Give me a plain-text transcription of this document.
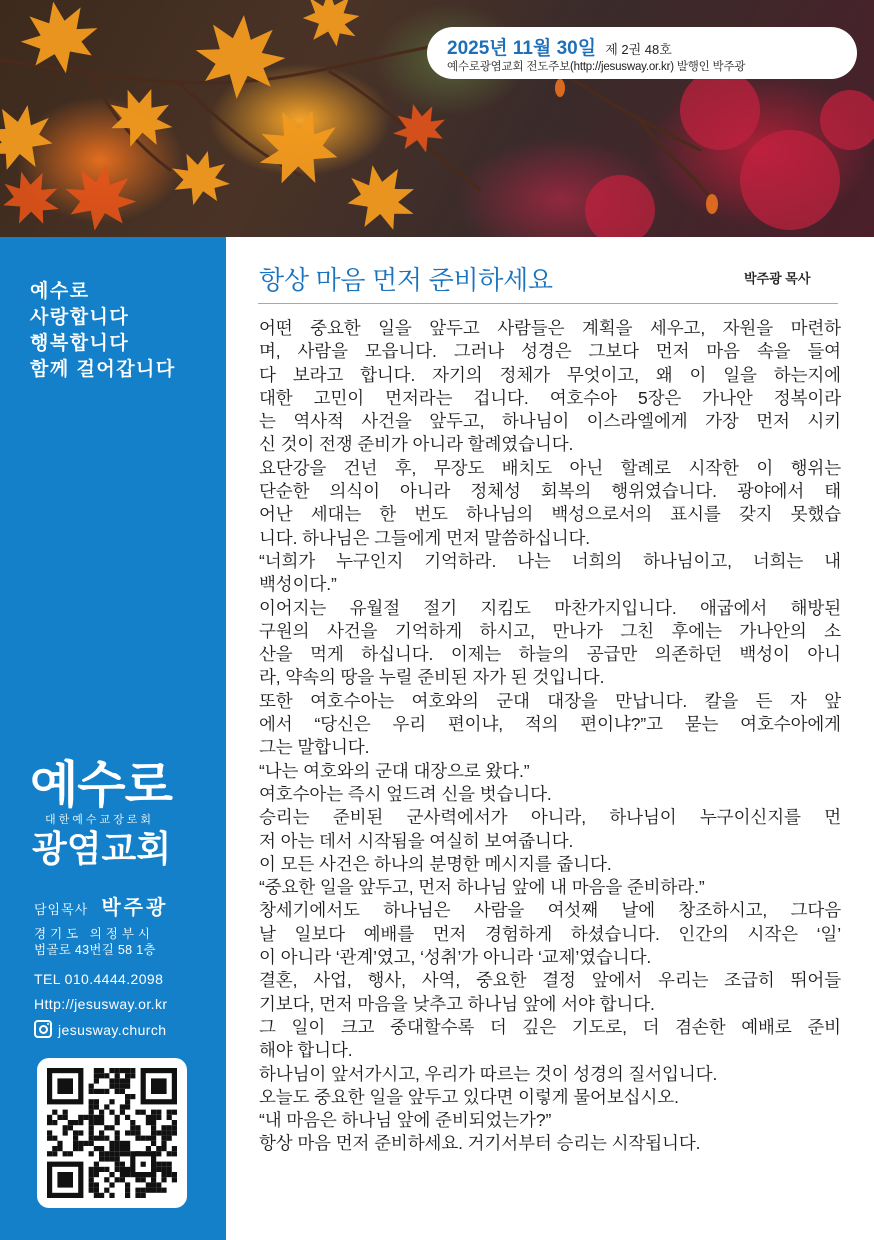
2025년 11월 30일 제 2권 48호
예수로광염교회 전도주보(http://jesusway.or.kr) 발행인 박주광
예수로
사랑합니다
행복합니다
함께 걸어갑니다
예수로
대한예수교장로회
광염교회
담임목사 박주광
경기도 의정부시
범골로 43번길 58 1층
TEL 010.4444.2098
Http://jesusway.or.kr
jesusway.church
항상 마음 먼저 준비하세요	박주광 목사
어떤 중요한 일을 앞두고 사람들은 계획을 세우고, 자원을 마련하
며, 사람을 모읍니다. 그러나 성경은 그보다 먼저 마음 속을 들여
다 보라고 합니다. 자기의 정체가 무엇이고, 왜 이 일을 하는지에
대한 고민이 먼저라는 겁니다. 여호수아 5장은 가나안 정복이라
는 역사적 사건을 앞두고, 하나님이 이스라엘에게 가장 먼저 시키
신 것이 전쟁 준비가 아니라 할례였습니다.
요단강을 건넌 후, 무장도 배치도 아닌 할례로 시작한 이 행위는
단순한 의식이 아니라 정체성 회복의 행위였습니다. 광야에서 태
어난 세대는 한 번도 하나님의 백성으로서의 표시를 갖지 못했습
니다. 하나님은 그들에게 먼저 말씀하십니다.
“너희가 누구인지 기억하라. 나는 너희의 하나님이고, 너희는 내
백성이다.”
이어지는 유월절 절기 지킴도 마찬가지입니다. 애굽에서 해방된
구원의 사건을 기억하게 하시고, 만나가 그친 후에는 가나안의 소
산을 먹게 하십니다. 이제는 하늘의 공급만 의존하던 백성이 아니
라, 약속의 땅을 누릴 준비된 자가 된 것입니다.
또한 여호수아는 여호와의 군대 대장을 만납니다. 칼을 든 자 앞
에서 “당신은 우리 편이냐, 적의 편이냐?”고 묻는 여호수아에게
그는 말합니다.
“나는 여호와의 군대 대장으로 왔다.”
여호수아는 즉시 엎드려 신을 벗습니다.
승리는 준비된 군사력에서가 아니라, 하나님이 누구이신지를 먼
저 아는 데서 시작됨을 여실히 보여줍니다.
이 모든 사건은 하나의 분명한 메시지를 줍니다.
“중요한 일을 앞두고, 먼저 하나님 앞에 내 마음을 준비하라.”
창세기에서도 하나님은 사람을 여섯째 날에 창조하시고, 그다음
날 일보다 예배를 먼저 경험하게 하셨습니다. 인간의 시작은 ‘일’
이 아니라 ‘관계’였고, ‘성취’가 아니라 ‘교제’였습니다.
결혼, 사업, 행사, 사역, 중요한 결정 앞에서 우리는 조급히 뛰어들
기보다, 먼저 마음을 낮추고 하나님 앞에 서야 합니다.
그 일이 크고 중대할수록 더 깊은 기도로, 더 겸손한 예배로 준비
해야 합니다.
하나님이 앞서가시고, 우리가 따르는 것이 성경의 질서입니다.
오늘도 중요한 일을 앞두고 있다면 이렇게 물어보십시오.
“내 마음은 하나님 앞에 준비되었는가?”
항상 마음 먼저 준비하세요. 거기서부터 승리는 시작됩니다.
